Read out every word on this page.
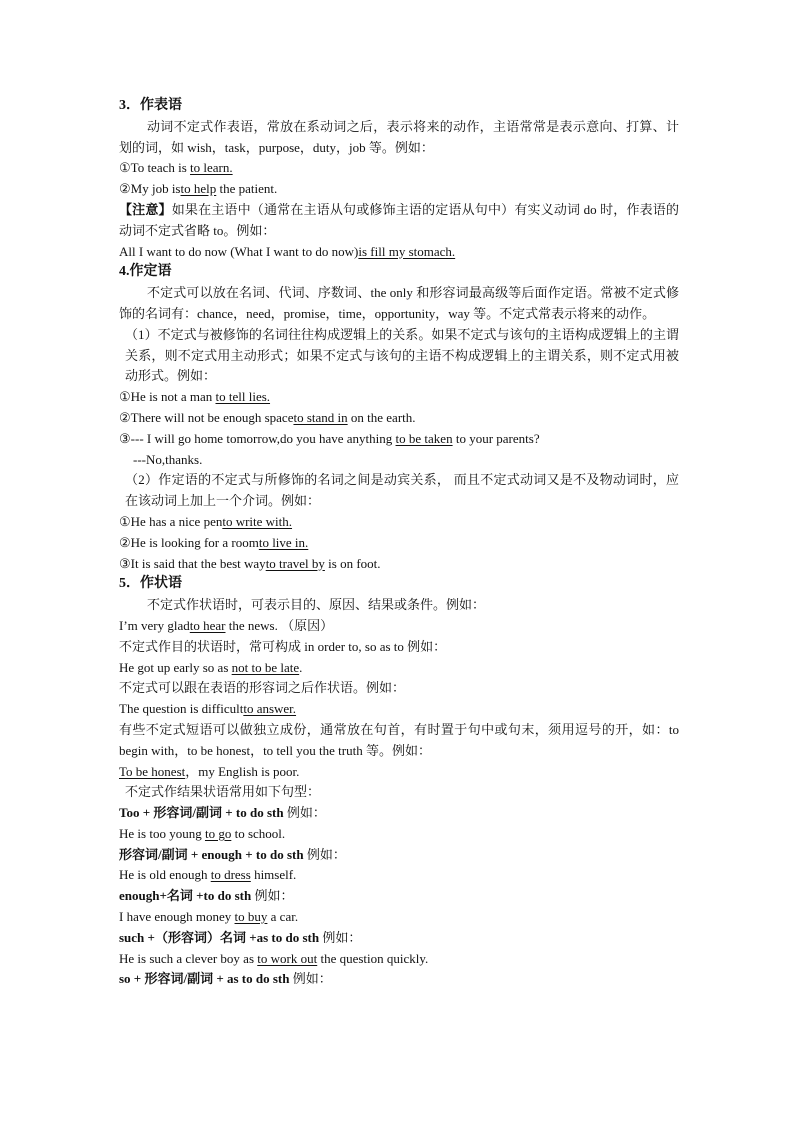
3．作表语
动词不定式作表语，常放在系动词之后，表示将来的动作，主语常常是表示意向、打算、计划的词，如 wish，task，purpose，duty，job 等。例如：
①To teach is to learn.
②My job isto help the patient.
【注意】如果在主语中（通常在主语从句或修饰主语的定语从句中）有实义动词 do 时，作表语的动词不定式省略 to。例如：
All I want to do now (What I want to do now)is fill my stomach.
4.作定语
不定式可以放在名词、代词、序数词、the only 和形容词最高级等后面作定语。常被不定式修饰的名词有：chance，need，promise，time，opportunity，way 等。不定式常表示将来的动作。
（1）不定式与被修饰的名词往往构成逻辑上的关系。如果不定式与该句的主语构成逻辑上的主谓关系，则不定式用主动形式；如果不定式与该句的主语不构成逻辑上的主谓关系，则不定式用被动形式。例如：
①He is not a man to tell lies.
②There will not be enough spaceto stand in on the earth.
③--- I will go home tomorrow,do you have anything to be taken to your parents?
---No,thanks.
（2）作定语的不定式与所修饰的名词之间是动宾关系， 而且不定式动词又是不及物动词时，应在该动词上加上一个介词。例如：
①He has a nice pento write with.
②He is looking for a roomto live in.
③It is said that the best wayto travel by is on foot.
5．作状语
不定式作状语时，可表示目的、原因、结果或条件。例如：
I’m very gladto hear the news. （原因）
不定式作目的状语时，常可构成 in order to, so as to 例如：
He got up early so as not to be late.
不定式可以跟在表语的形容词之后作状语。例如：
The question is difficultto answer.
有些不定式短语可以做独立成份，通常放在句首，有时置于句中或句末，须用逗号的开，如：to begin with，to be honest，to tell you the truth 等。例如：
To be honest，my English is poor.
不定式作结果状语常用如下句型：
Too + 形容词/副词 + to do sth 例如：
He is too young to go to school.
形容词/副词 + enough + to do sth 例如：
He is old enough to dress himself.
enough+名词 +to do sth 例如：
I have enough money to buy a car.
such +（形容词）名词 +as to do sth 例如：
He is such a clever boy as to work out the question quickly.
so + 形容词/副词 + as to do sth 例如：
